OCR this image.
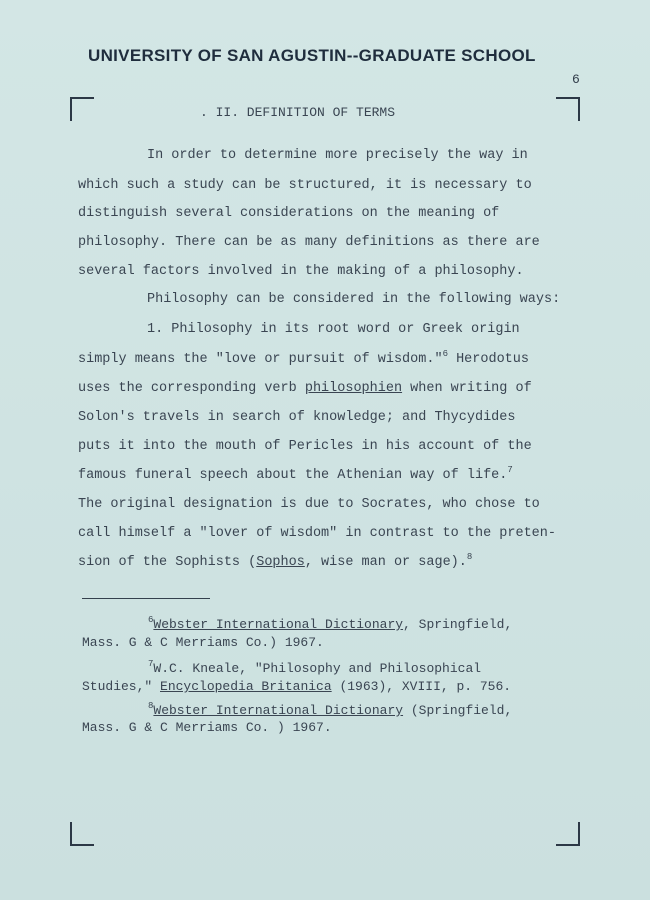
UNIVERSITY OF SAN AGUSTIN--GRADUATE SCHOOL
6
. II. DEFINITION OF TERMS
In order to determine more precisely the way in
which such a study can be structured, it is necessary to
distinguish several considerations on the meaning of
philosophy. There can be as many definitions as there are
several factors involved in the making of a philosophy.
Philosophy can be considered in the following ways:
1. Philosophy in its root word or Greek origin
simply means the "love or pursuit of wisdom."$^6$ Herodotus
uses the corresponding verb philosophien when writing of
Solon's travels in search of knowledge; and Thycydides
puts it into the mouth of Pericles in his account of the
famous funeral speech about the Athenian way of life.$^7$
The original designation is due to Socrates, who chose to
call himself a "lover of wisdom" in contrast to the preten-
sion of the Sophists (Sophos, wise man or sage).$^8$
$^6$Webster International Dictionary, Springfield,
Mass. G & C Merriams Co.) 1967.
$^7$W.C. Kneale, "Philosophy and Philosophical
Studies," Encyclopedia Britanica (1963), XVIII, p. 756.
$^8$Webster International Dictionary (Springfield,
Mass. G & C Merriams Co. ) 1967.
